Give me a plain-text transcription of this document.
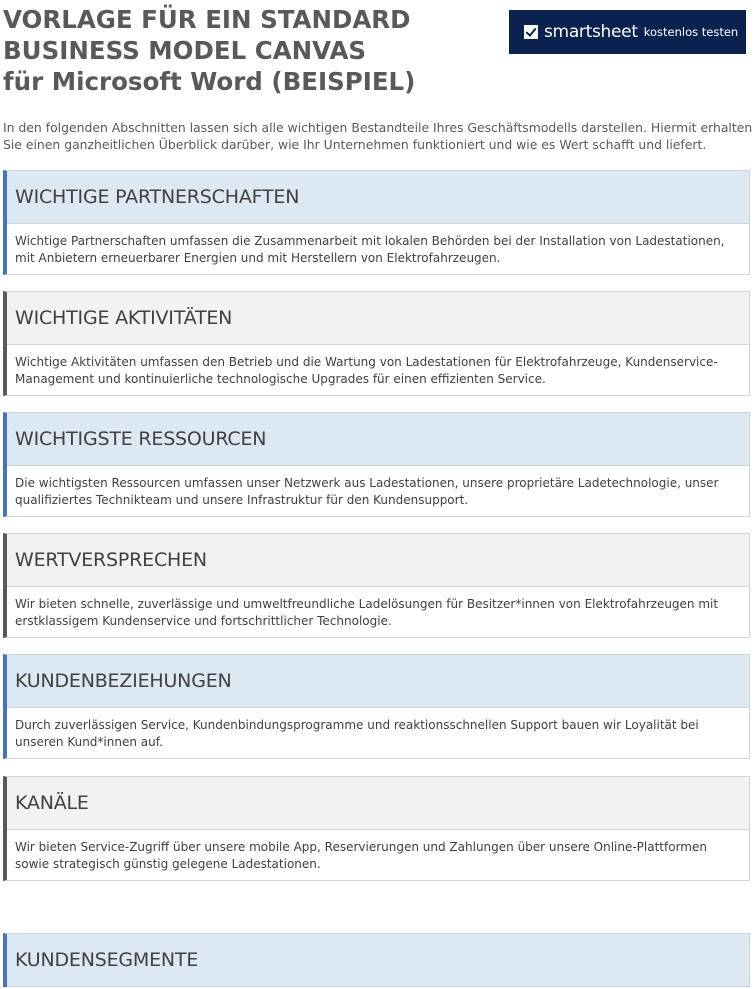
VORLAGE FÜR EIN STANDARD
BUSINESS MODEL CANVAS
für Microsoft Word (BEISPIEL)
smartsheet kostenlos testen
In den folgenden Abschnitten lassen sich alle wichtigen Bestandteile Ihres Geschäftsmodells darstellen. Hiermit erhalten Sie einen ganzheitlichen Überblick darüber, wie Ihr Unternehmen funktioniert und wie es Wert schafft und liefert.
WICHTIGE PARTNERSCHAFTEN
Wichtige Partnerschaften umfassen die Zusammenarbeit mit lokalen Behörden bei der Installation von Ladestationen, mit Anbietern erneuerbarer Energien und mit Herstellern von Elektrofahrzeugen.
WICHTIGE AKTIVITÄTEN
Wichtige Aktivitäten umfassen den Betrieb und die Wartung von Ladestationen für Elektrofahrzeuge, Kundenservice-Management und kontinuierliche technologische Upgrades für einen effizienten Service.
WICHTIGSTE RESSOURCEN
Die wichtigsten Ressourcen umfassen unser Netzwerk aus Ladestationen, unsere proprietäre Ladetechnologie, unser qualifiziertes Technikteam und unsere Infrastruktur für den Kundensupport.
WERTVERSPRECHEN
Wir bieten schnelle, zuverlässige und umweltfreundliche Ladelösungen für Besitzer*innen von Elektrofahrzeugen mit erstklassigem Kundenservice und fortschrittlicher Technologie.
KUNDENBEZIEHUNGEN
Durch zuverlässigen Service, Kundenbindungsprogramme und reaktionsschnellen Support bauen wir Loyalität bei unseren Kund*innen auf.
KANÄLE
Wir bieten Service-Zugriff über unsere mobile App, Reservierungen und Zahlungen über unsere Online-Plattformen sowie strategisch günstig gelegene Ladestationen.
KUNDENSEGMENTE
